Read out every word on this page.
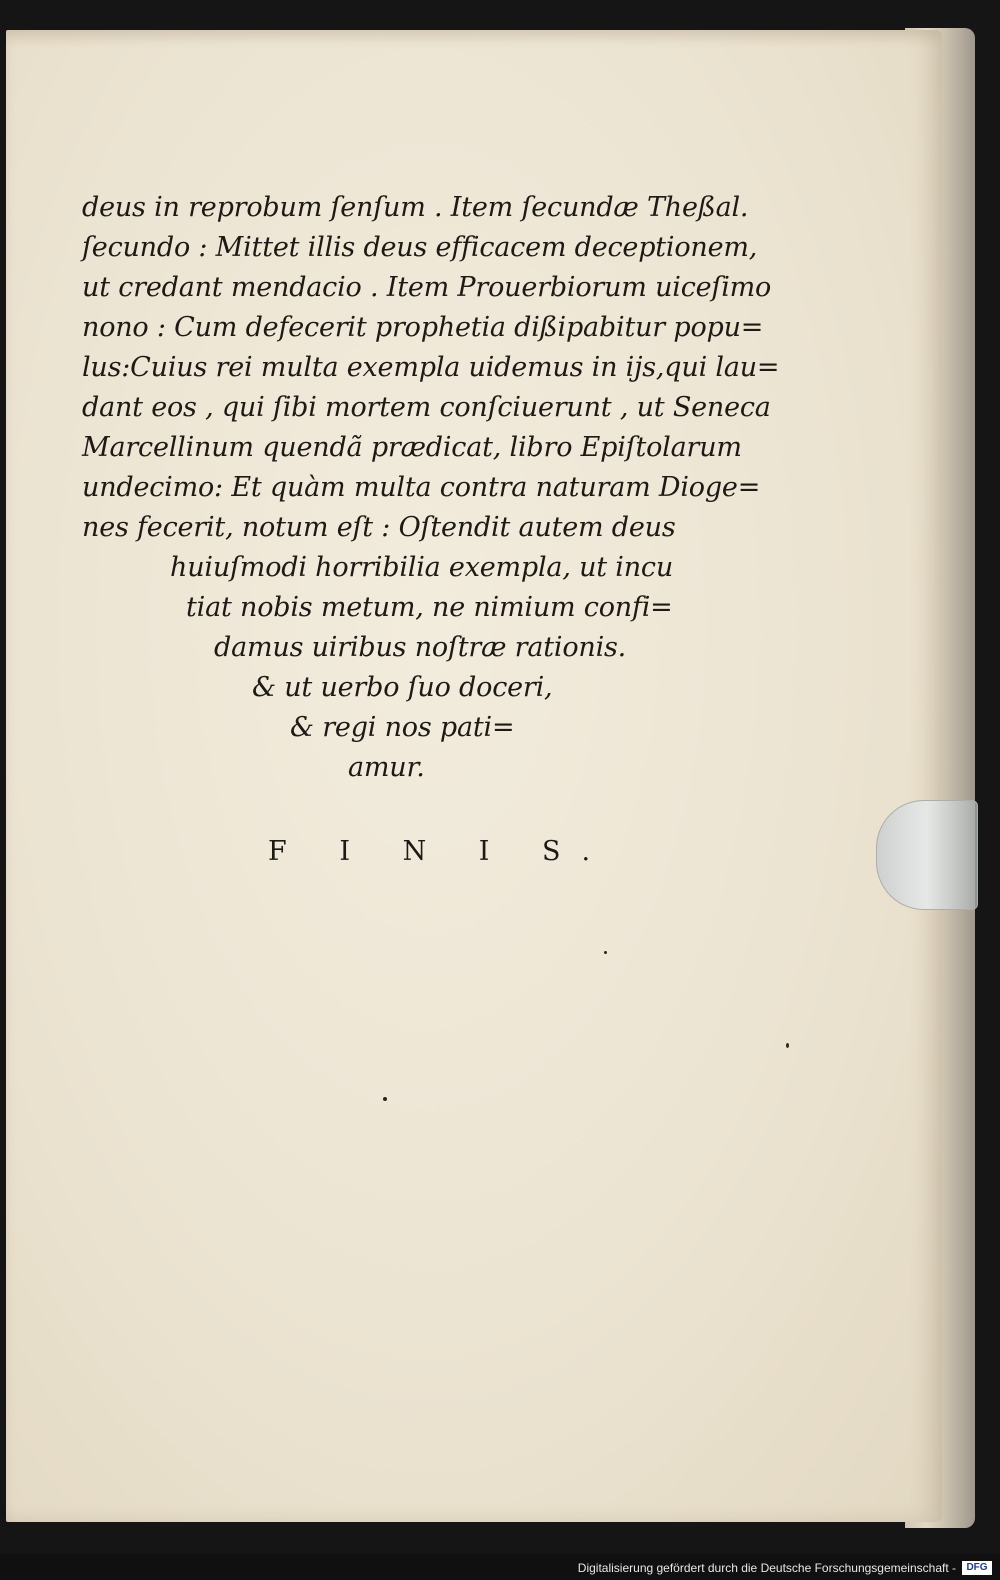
deus in reprobum ſenſum . Item ſecundæ Theßal.
ſecundo : Mittet illis deus efficacem deceptionem,
ut credant mendacio . Item Prouerbiorum uiceſimo
nono : Cum defecerit prophetia dißipabitur popu=
lus:Cuius rei multa exempla uidemus in ijs,qui lau=
dant eos , qui ſibi mortem conſciuerunt , ut Seneca
Marcellinum quendã prædicat, libro Epiſtolarum
undecimo: Et quàm multa contra naturam Dioge=
nes fecerit, notum eſt : Oſtendit autem deus
huiuſmodi horribilia exempla, ut incu
tiat nobis metum, ne nimium confi=
damus uiribus noſtræ rationis.
& ut uerbo ſuo doceri,
& regi nos pati=
amur.
F I N I S.
Digitalisierung gefördert durch die Deutsche Forschungsgemeinschaft -	DFG
